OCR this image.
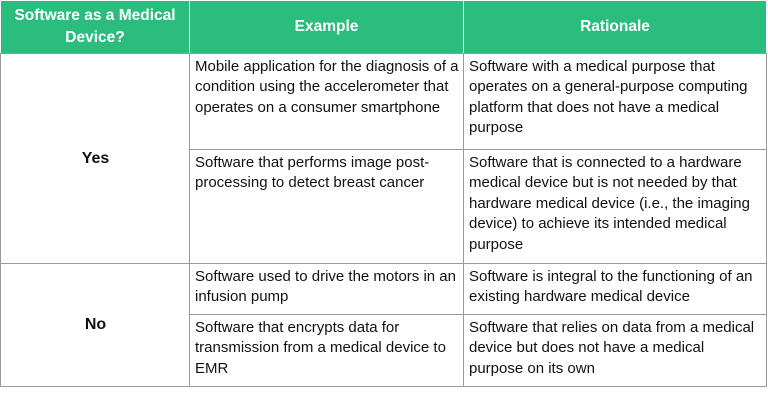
Software as a Medical Device?	Example	Rationale
Yes	Mobile application for the diagnosis of a condition using the accelerometer that operates on a consumer smartphone	Software with a medical purpose that operates on a general-purpose computing platform that does not have a medical purpose
	Software that performs image post-processing to detect breast cancer	Software that is connected to a hardware medical device but is not needed by that hardware medical device (i.e., the imaging device) to achieve its intended medical purpose
No	Software used to drive the motors in an infusion pump	Software is integral to the functioning of an existing hardware medical device
	Software that encrypts data for transmission from a medical device to EMR	Software that relies on data from a medical device but does not have a medical purpose on its own
